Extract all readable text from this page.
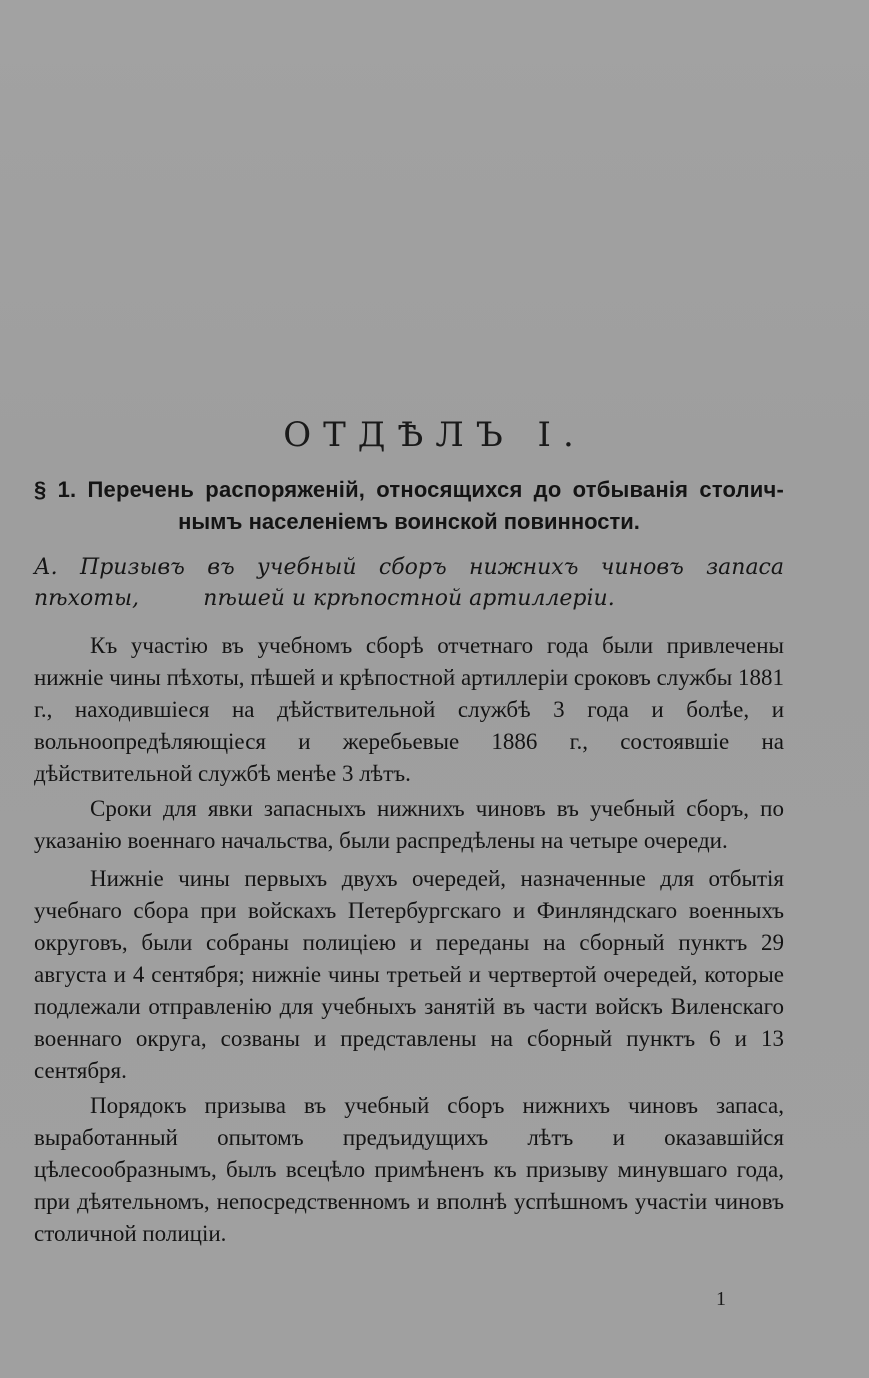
ОТДѢЛЪ I.
§ 1. Перечень распоряженій, относящихся до отбыванія столич-
нымъ населеніемъ воинской повинности.
А. Призывъ въ учебный сборъ нижнихъ чиновъ запаса пѣхоты,	пѣшей и крѣпостной артиллеріи.

Къ участію въ учебномъ сборѣ отчетнаго года были привлечены нижніе чины пѣхоты, пѣшей и крѣпостной артиллеріи сроковъ службы 1881 г., находившіеся на дѣйствительной службѣ 3 года и болѣе, и вольноопредѣляющіеся и жеребьевые 1886 г., состоявшіе на дѣйствительной службѣ менѣе 3 лѣтъ.

Сроки для явки запасныхъ нижнихъ чиновъ въ учебный сборъ, по указанію военнаго начальства, были распредѣлены на четыре очереди.

Нижніе чины первыхъ двухъ очередей, назначенные для отбытія учебнаго сбора при войскахъ Петербургскаго и Финляндскаго военныхъ округовъ, были собраны полиціею и переданы на сборный пунктъ 29 августа и 4 сентября; нижніе чины третьей и чертвертой очередей, которые подлежали отправленію для учебныхъ занятій въ части войскъ Виленскаго военнаго округа, созваны и представлены на сборный пунктъ 6 и 13 сентября.

Порядокъ призыва въ учебный сборъ нижнихъ чиновъ запаса, выработанный опытомъ предъидущихъ лѣтъ и оказавшійся цѣлесообразнымъ, былъ всецѣло примѣненъ къ призыву минувшаго года, при дѣятельномъ, непосредственномъ и вполнѣ успѣшномъ участіи чиновъ столичной полиціи.

1
